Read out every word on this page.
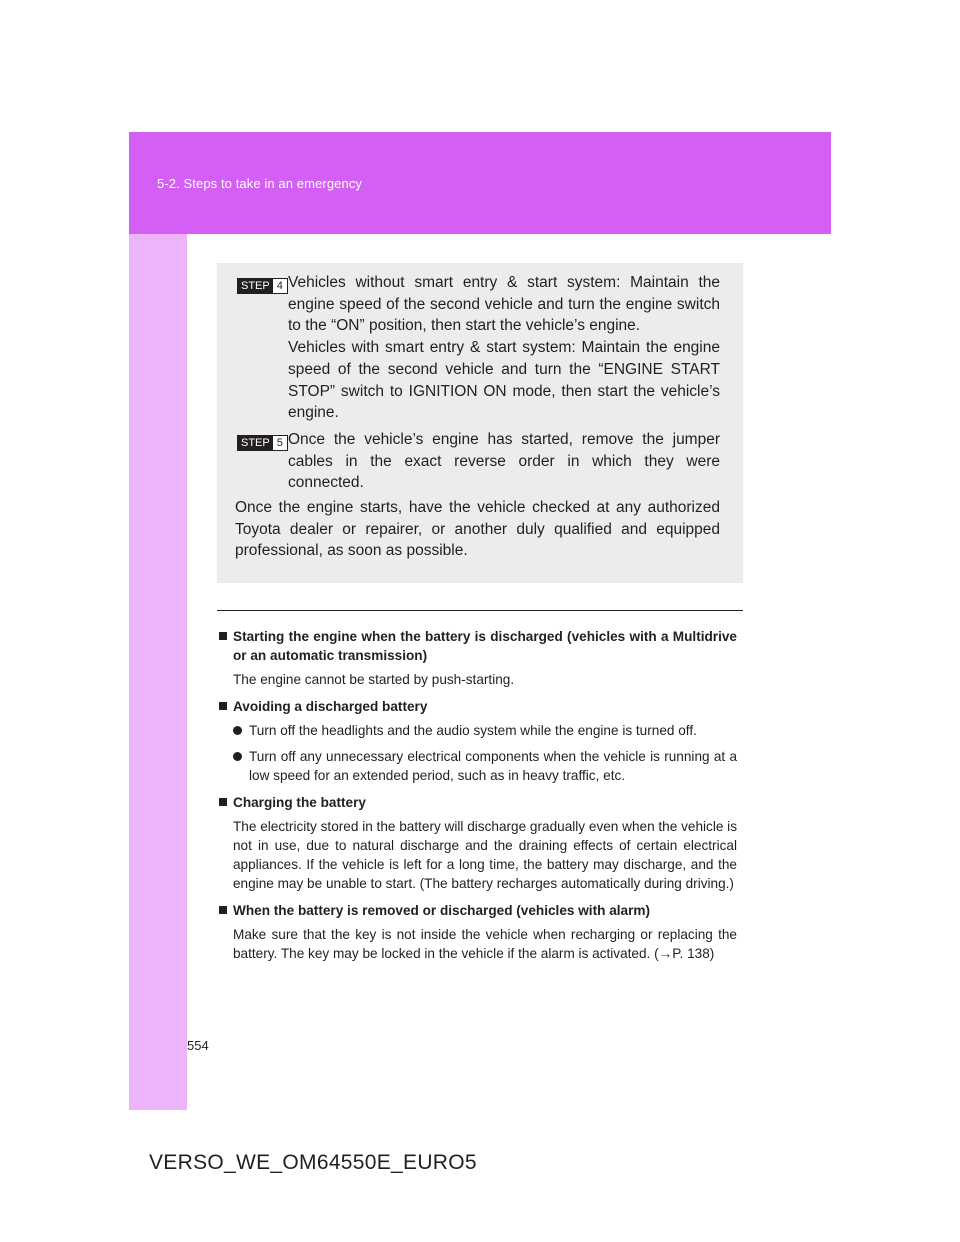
5-2. Steps to take in an emergency
STEP 4 Vehicles without smart entry & start system: Maintain the engine speed of the second vehicle and turn the engine switch to the “ON” position, then start the vehicle’s engine.

Vehicles with smart entry & start system: Maintain the engine speed of the second vehicle and turn the “ENGINE START STOP” switch to IGNITION ON mode, then start the vehicle’s engine.

STEP 5 Once the vehicle’s engine has started, remove the jumper cables in the exact reverse order in which they were connected.

Once the engine starts, have the vehicle checked at any authorized Toyota dealer or repairer, or another duly qualified and equipped professional, as soon as possible.

Starting the engine when the battery is discharged (vehicles with a Multidrive or an automatic transmission)

The engine cannot be started by push-starting.

Avoiding a discharged battery

Turn off the headlights and the audio system while the engine is turned off.

Turn off any unnecessary electrical components when the vehicle is running at a low speed for an extended period, such as in heavy traffic, etc.

Charging the battery

The electricity stored in the battery will discharge gradually even when the vehicle is not in use, due to natural discharge and the draining effects of certain electrical appliances. If the vehicle is left for a long time, the battery may discharge, and the engine may be unable to start. (The battery recharges automatically during driving.)

When the battery is removed or discharged (vehicles with alarm)

Make sure that the key is not inside the vehicle when recharging or replacing the battery. The key may be locked in the vehicle if the alarm is activated. (→P. 138)

554
VERSO_WE_OM64550E_EURO5
